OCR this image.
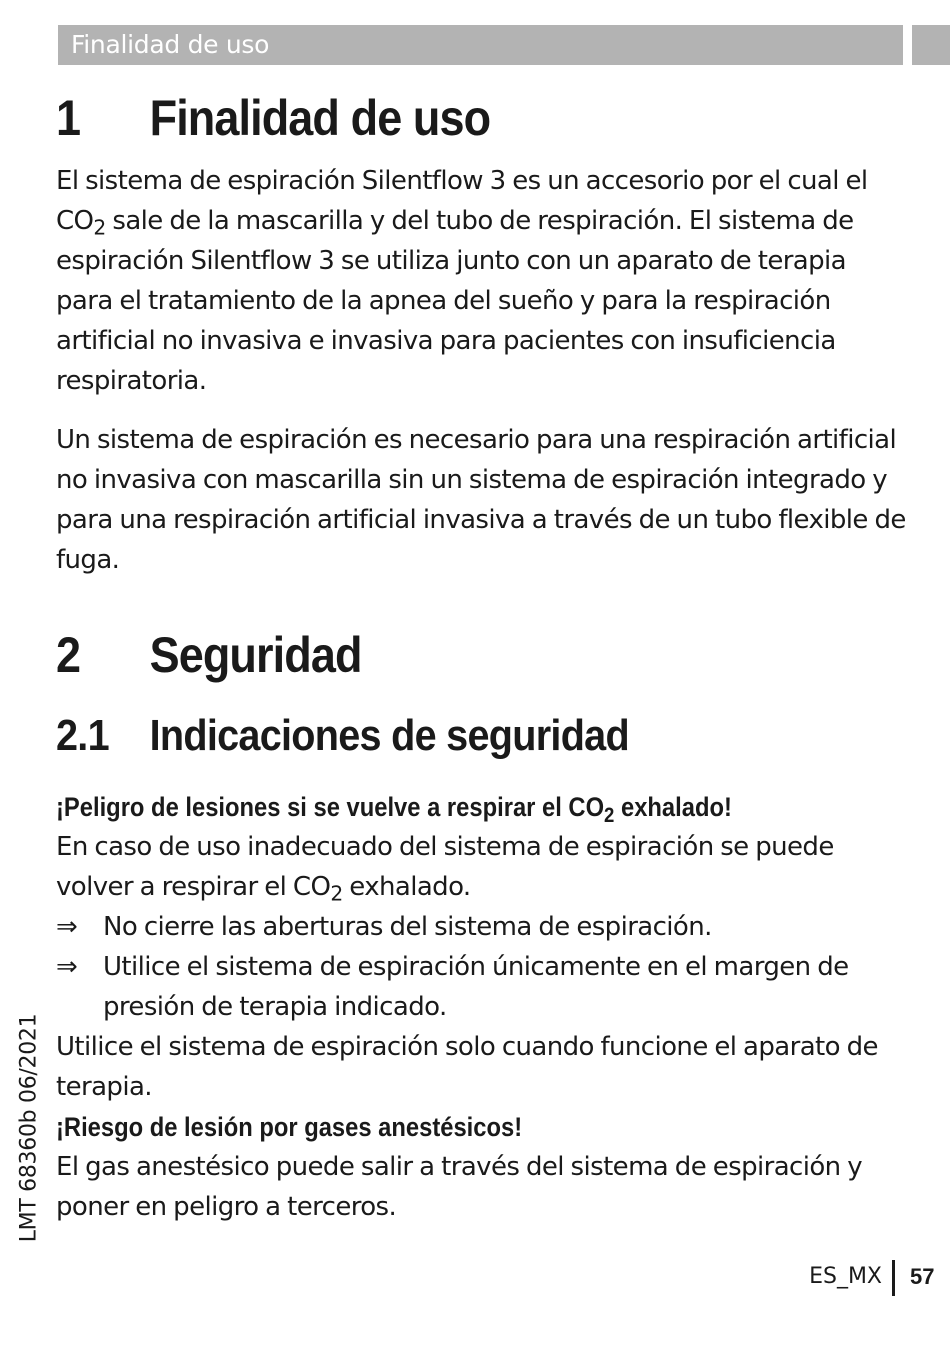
Finalidad de uso
1 Finalidad de uso

El sistema de espiración Silentflow 3 es un accesorio por el cual el $CO_2$ sale de la mascarilla y del tubo de respiración. El sistema de espiración Silentflow 3 se utiliza junto con un aparato de terapia para el tratamiento de la apnea del sueño y para la respiración artificial no invasiva e invasiva para pacientes con insuficiencia respiratoria.

Un sistema de espiración es necesario para una respiración artificial no invasiva con mascarilla sin un sistema de espiración integrado y para una respiración artificial invasiva a través de un tubo flexible de fuga.

2 Seguridad
2.1 Indicaciones de seguridad

¡Peligro de lesiones si se vuelve a respirar el $CO_2$ exhalado!

En caso de uso inadecuado del sistema de espiración se puede volver a respirar el $CO_2$ exhalado.

⇒ No cierre las aberturas del sistema de espiración.

⇒ Utilice el sistema de espiración únicamente en el margen de presión de terapia indicado.

Utilice el sistema de espiración solo cuando funcione el aparato de terapia.

¡Riesgo de lesión por gases anestésicos!

El gas anestésico puede salir a través del sistema de espiración y poner en peligro a terceros.

LMT 68360b 06/2021
ES_MX 57
